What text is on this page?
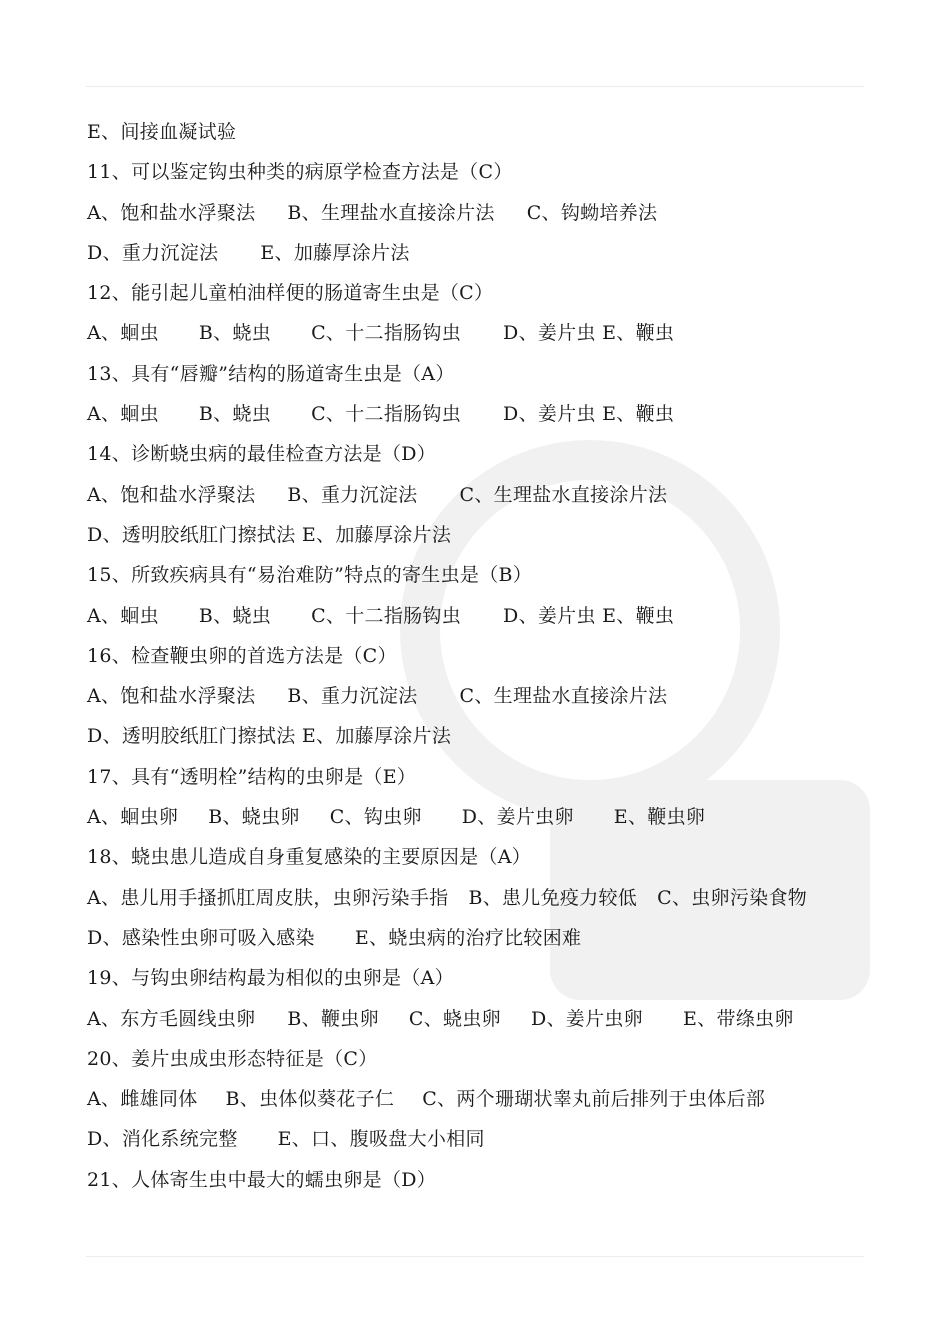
E、间接血凝试验
11、可以鉴定钩虫种类的病原学检查方法是（C）
A、饱和盐水浮聚法 B、生理盐水直接涂片法 C、钩蚴培养法
D、重力沉淀法 E、加藤厚涂片法
12、能引起儿童柏油样便的肠道寄生虫是（C）
A、蛔虫 B、蛲虫 C、十二指肠钩虫 D、姜片虫 E、鞭虫
13、具有“唇瓣”结构的肠道寄生虫是（A）
A、蛔虫 B、蛲虫 C、十二指肠钩虫 D、姜片虫 E、鞭虫
14、诊断蛲虫病的最佳检查方法是（D）
A、饱和盐水浮聚法 B、重力沉淀法 C、生理盐水直接涂片法
D、透明胶纸肛门擦拭法 E、加藤厚涂片法
15、所致疾病具有“易治难防”特点的寄生虫是（B）
A、蛔虫 B、蛲虫 C、十二指肠钩虫 D、姜片虫 E、鞭虫
16、检查鞭虫卵的首选方法是（C）
A、饱和盐水浮聚法 B、重力沉淀法 C、生理盐水直接涂片法
D、透明胶纸肛门擦拭法 E、加藤厚涂片法
17、具有“透明栓”结构的虫卵是（E）
A、蛔虫卵 B、蛲虫卵 C、钩虫卵 D、姜片虫卵 E、鞭虫卵
18、蛲虫患儿造成自身重复感染的主要原因是（A）
A、患儿用手搔抓肛周皮肤，虫卵污染手指 B、患儿免疫力较低 C、虫卵污染食物
D、感染性虫卵可吸入感染 E、蛲虫病的治疗比较困难
19、与钩虫卵结构最为相似的虫卵是（A）
A、东方毛圆线虫卵 B、鞭虫卵 C、蛲虫卵 D、姜片虫卵 E、带绦虫卵
20、姜片虫成虫形态特征是（C）
A、雌雄同体 B、虫体似葵花子仁 C、两个珊瑚状睾丸前后排列于虫体后部
D、消化系统完整 E、口、腹吸盘大小相同
21、人体寄生虫中最大的蠕虫卵是（D）
